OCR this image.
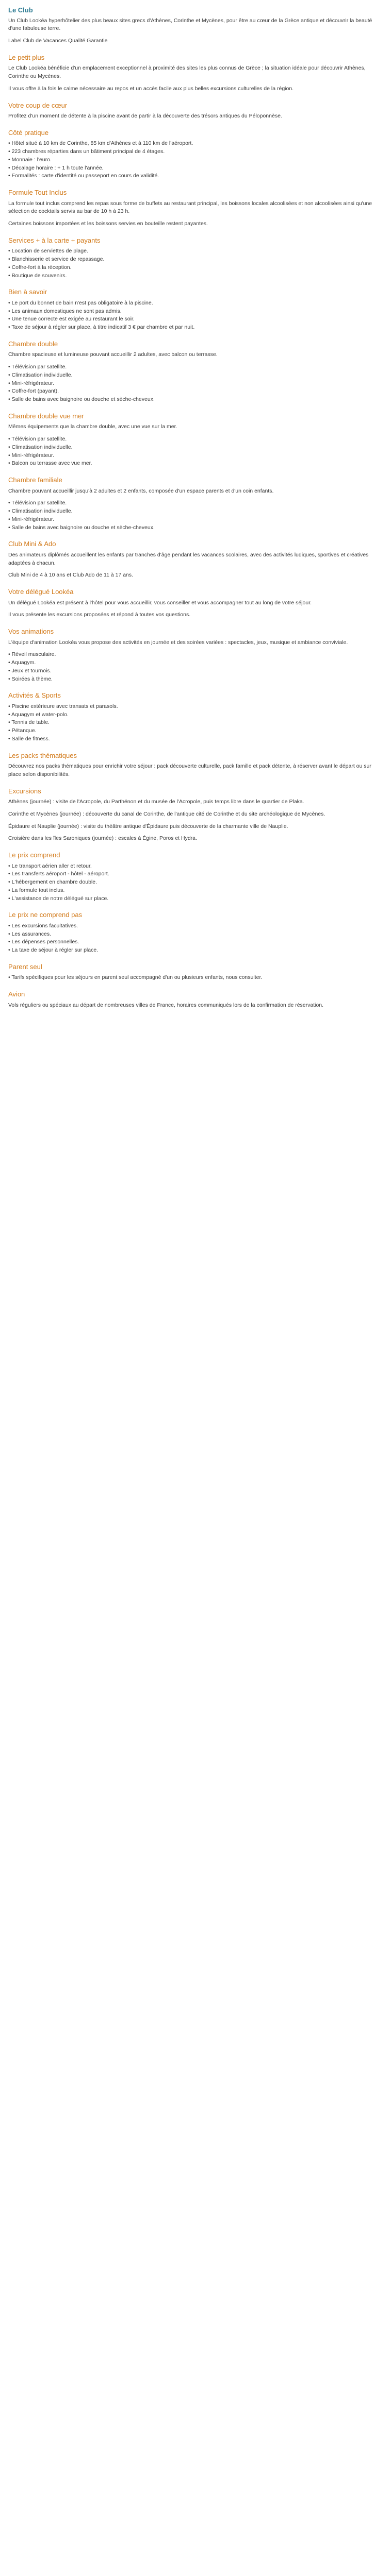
Le Club

Un Club Lookéa hyperhôtelier des plus beaux sites grecs d'Athènes, Corinthe et Mycènes, pour être au cœur de la Grèce antique et découvrir la beauté d'une fabuleuse terre.

Label Club de Vacances Qualité Garantie

Le petit plus

Le Club Lookéa bénéficie d'un emplacement exceptionnel à proximité des sites les plus connus de Grèce ; la situation idéale pour découvrir Athènes, Corinthe ou Mycènes.

Il vous offre à la fois le calme nécessaire au repos et un accès facile aux plus belles excursions culturelles de la région.

Votre coup de cœur

Profitez d'un moment de détente à la piscine avant de partir à la découverte des trésors antiques du Péloponnèse.

Côté pratique
• Hôtel situé à 10 km de Corinthe, 85 km d'Athènes et à 110 km de l'aéroport.
• 223 chambres réparties dans un bâtiment principal de 4 étages.
• Monnaie : l'euro.
• Décalage horaire : + 1 h toute l'année.
• Formalités : carte d'identité ou passeport en cours de validité.
Formule Tout Inclus

La formule tout inclus comprend les repas sous forme de buffets au restaurant principal, les boissons locales alcoolisées et non alcoolisées ainsi qu'une sélection de cocktails servis au bar de 10 h à 23 h.

Certaines boissons importées et les boissons servies en bouteille restent payantes.

Services + à la carte + payants
• Location de serviettes de plage.
• Blanchisserie et service de repassage.
• Coffre-fort à la réception.
• Boutique de souvenirs.
Bien à savoir
• Le port du bonnet de bain n'est pas obligatoire à la piscine.
• Les animaux domestiques ne sont pas admis.
• Une tenue correcte est exigée au restaurant le soir.
• Taxe de séjour à régler sur place, à titre indicatif 3 € par chambre et par nuit.
Chambre double

Chambre spacieuse et lumineuse pouvant accueillir 2 adultes, avec balcon ou terrasse.

• Télévision par satellite.
• Climatisation individuelle.
• Mini-réfrigérateur.
• Coffre-fort (payant).
• Salle de bains avec baignoire ou douche et sèche-cheveux.
Chambre double vue mer

Mêmes équipements que la chambre double, avec une vue sur la mer.

• Télévision par satellite.
• Climatisation individuelle.
• Mini-réfrigérateur.
• Balcon ou terrasse avec vue mer.
Chambre familiale

Chambre pouvant accueillir jusqu'à 2 adultes et 2 enfants, composée d'un espace parents et d'un coin enfants.

• Télévision par satellite.
• Climatisation individuelle.
• Mini-réfrigérateur.
• Salle de bains avec baignoire ou douche et sèche-cheveux.
Club Mini & Ado

Des animateurs diplômés accueillent les enfants par tranches d'âge pendant les vacances scolaires, avec des activités ludiques, sportives et créatives adaptées à chacun.

Club Mini de 4 à 10 ans et Club Ado de 11 à 17 ans.

Votre délégué Lookéa

Un délégué Lookéa est présent à l'hôtel pour vous accueillir, vous conseiller et vous accompagner tout au long de votre séjour.

Il vous présente les excursions proposées et répond à toutes vos questions.

Vos animations

L'équipe d'animation Lookéa vous propose des activités en journée et des soirées variées : spectacles, jeux, musique et ambiance conviviale.

• Réveil musculaire.
• Aquagym.
• Jeux et tournois.
• Soirées à thème.
Activités & Sports
• Piscine extérieure avec transats et parasols.
• Aquagym et water-polo.
• Tennis de table.
• Pétanque.
• Salle de fitness.
Les packs thématiques

Découvrez nos packs thématiques pour enrichir votre séjour : pack découverte culturelle, pack famille et pack détente, à réserver avant le départ ou sur place selon disponibilités.

Excursions

Athènes (journée) : visite de l'Acropole, du Parthénon et du musée de l'Acropole, puis temps libre dans le quartier de Plaka.

Corinthe et Mycènes (journée) : découverte du canal de Corinthe, de l'antique cité de Corinthe et du site archéologique de Mycènes.

Épidaure et Nauplie (journée) : visite du théâtre antique d'Épidaure puis découverte de la charmante ville de Nauplie.

Croisière dans les îles Saroniques (journée) : escales à Égine, Poros et Hydra.

Le prix comprend
• Le transport aérien aller et retour.
• Les transferts aéroport - hôtel - aéroport.
• L'hébergement en chambre double.
• La formule tout inclus.
• L'assistance de notre délégué sur place.
Le prix ne comprend pas
• Les excursions facultatives.
• Les assurances.
• Les dépenses personnelles.
• La taxe de séjour à régler sur place.
Parent seul
• Tarifs spécifiques pour les séjours en parent seul accompagné d'un ou plusieurs enfants, nous consulter.
Avion

Vols réguliers ou spéciaux au départ de nombreuses villes de France, horaires communiqués lors de la confirmation de réservation.
